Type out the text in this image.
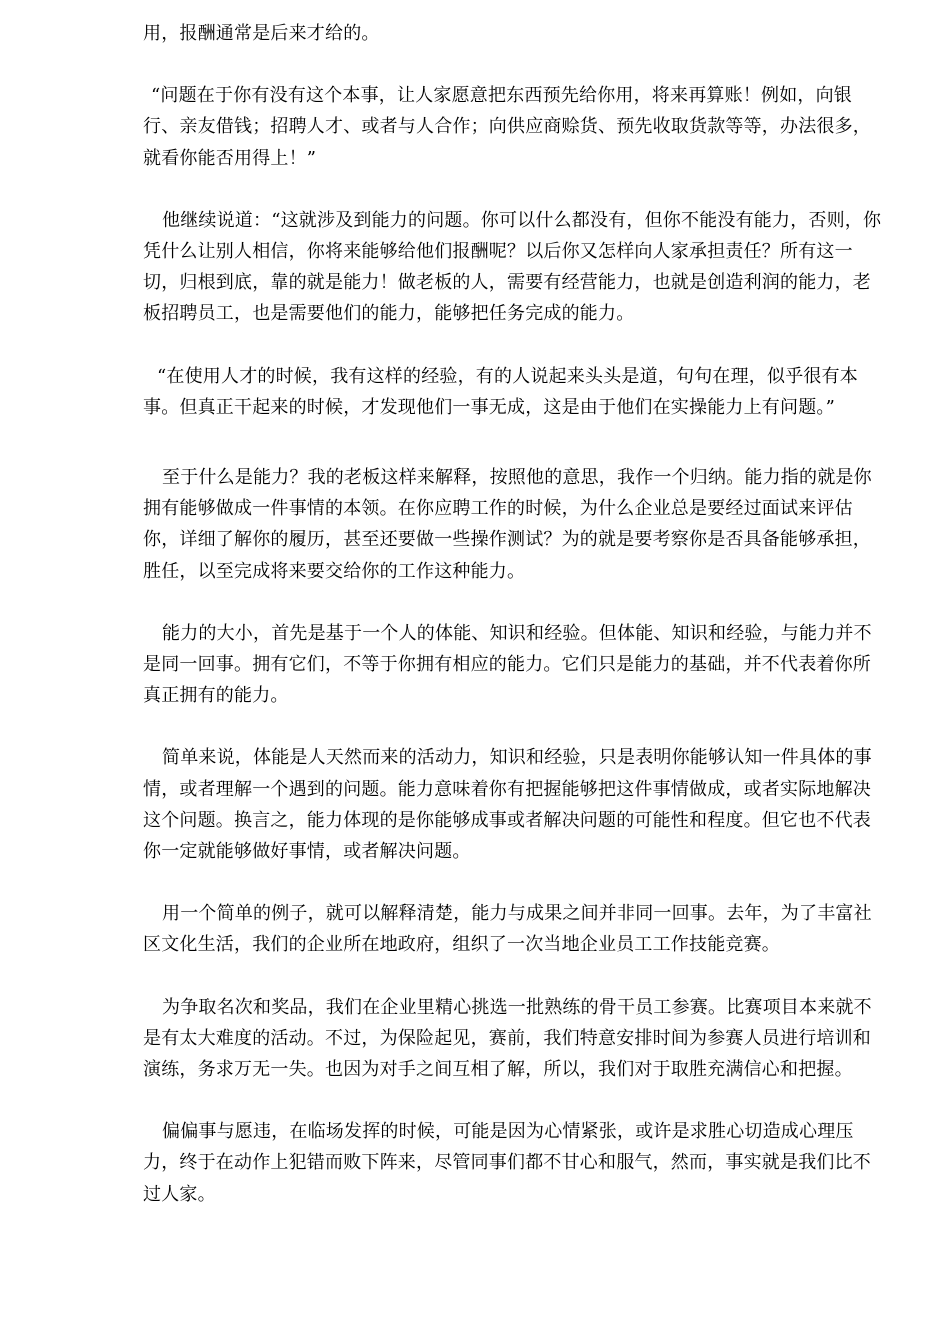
用，报酬通常是后来才给的。

“问题在于你有没有这个本事，让人家愿意把东西预先给你用，将来再算账！例如，向银行、亲友借钱；招聘人才、或者与人合作；向供应商赊货、预先收取货款等等，办法很多，就看你能否用得上！”

他继续说道：“这就涉及到能力的问题。你可以什么都没有，但你不能没有能力，否则，你凭什么让别人相信，你将来能够给他们报酬呢？以后你又怎样向人家承担责任？所有这一切，归根到底，靠的就是能力！做老板的人，需要有经营能力，也就是创造利润的能力，老板招聘员工，也是需要他们的能力，能够把任务完成的能力。

“在使用人才的时候，我有这样的经验，有的人说起来头头是道，句句在理，似乎很有本事。但真正干起来的时候，才发现他们一事无成，这是由于他们在实操能力上有问题。”

至于什么是能力？我的老板这样来解释，按照他的意思，我作一个归纳。能力指的就是你拥有能够做成一件事情的本领。在你应聘工作的时候，为什么企业总是要经过面试来评估你，详细了解你的履历，甚至还要做一些操作测试？为的就是要考察你是否具备能够承担，胜任，以至完成将来要交给你的工作这种能力。

能力的大小，首先是基于一个人的体能、知识和经验。但体能、知识和经验，与能力并不是同一回事。拥有它们，不等于你拥有相应的能力。它们只是能力的基础，并不代表着你所真正拥有的能力。

简单来说，体能是人天然而来的活动力，知识和经验，只是表明你能够认知一件具体的事情，或者理解一个遇到的问题。能力意味着你有把握能够把这件事情做成，或者实际地解决这个问题。换言之，能力体现的是你能够成事或者解决问题的可能性和程度。但它也不代表你一定就能够做好事情，或者解决问题。

用一个简单的例子，就可以解释清楚，能力与成果之间并非同一回事。去年，为了丰富社区文化生活，我们的企业所在地政府，组织了一次当地企业员工工作技能竞赛。

为争取名次和奖品，我们在企业里精心挑选一批熟练的骨干员工参赛。比赛项目本来就不是有太大难度的活动。不过，为保险起见，赛前，我们特意安排时间为参赛人员进行培训和演练，务求万无一失。也因为对手之间互相了解，所以，我们对于取胜充满信心和把握。

偏偏事与愿违，在临场发挥的时候，可能是因为心情紧张，或许是求胜心切造成心理压力，终于在动作上犯错而败下阵来，尽管同事们都不甘心和服气，然而，事实就是我们比不过人家。
